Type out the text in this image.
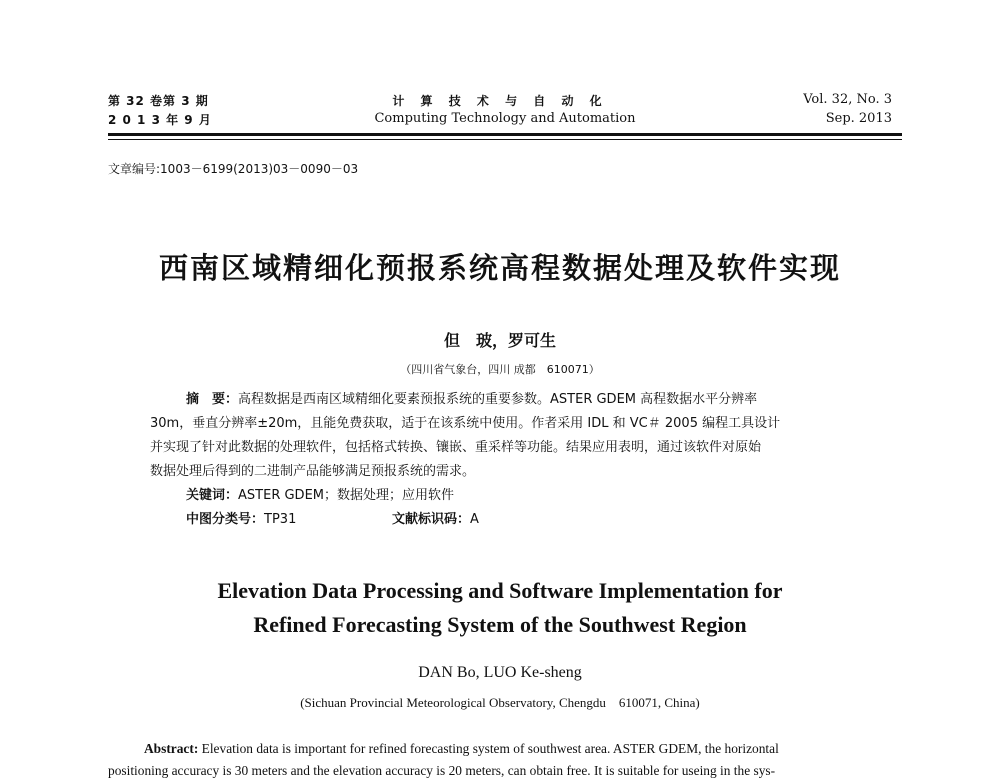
第 32 卷第 3 期
2 0 1 3 年 9 月
计 算 技 术 与 自 动 化
Computing Technology and Automation
Vol. 32, No. 3
Sep. 2013
文章编号:1003－6199(2013)03－0090－03
西南区域精细化预报系统高程数据处理及软件实现
但　玻，罗可生
（四川省气象台，四川 成都　610071）
摘　要：高程数据是西南区域精细化要素预报系统的重要参数。ASTER GDEM 高程数据水平分辨率
30m，垂直分辨率±20m，且能免费获取，适于在该系统中使用。作者采用 IDL 和 VC＃ 2005 编程工具设计
并实现了针对此数据的处理软件，包括格式转换、镶嵌、重采样等功能。结果应用表明，通过该软件对原始
数据处理后得到的二进制产品能够满足预报系统的需求。
关键词：ASTER GDEM；数据处理；应用软件
中图分类号：TP31	文献标识码：A
Elevation Data Processing and Software Implementation for
Refined Forecasting System of the Southwest Region
DAN Bo, LUO Ke-sheng
(Sichuan Provincial Meteorological Observatory, Chengdu　610071, China)
Abstract: Elevation data is important for refined forecasting system of southwest area. ASTER GDEM, the horizontal
positioning accuracy is 30 meters and the elevation accuracy is 20 meters, can obtain free. It is suitable for useing in the sys-
